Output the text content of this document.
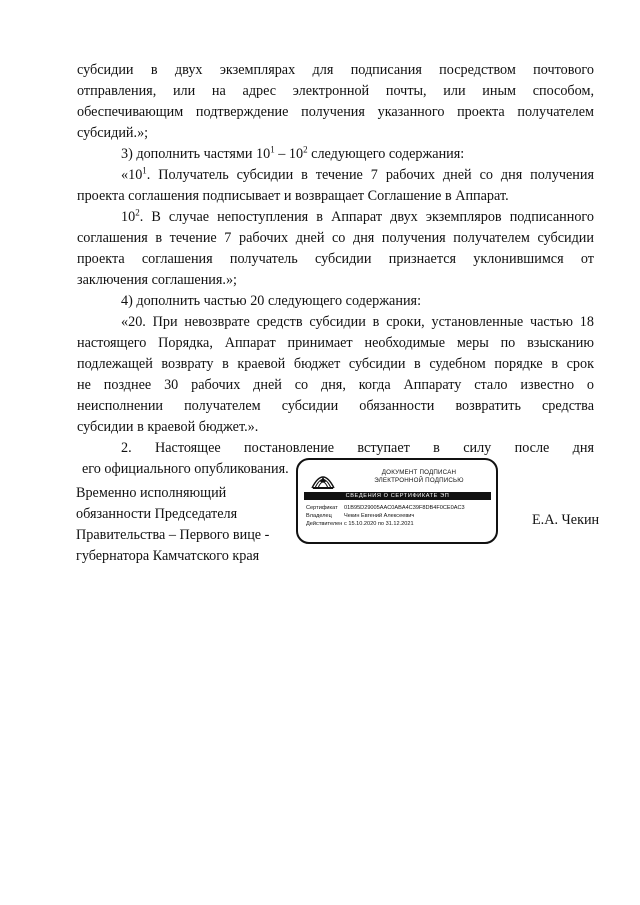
субсидии в двух экземплярах для подписания посредством почтового
отправления, или на адрес электронной почты, или иным способом,
обеспечивающим подтверждение получения указанного проекта получателем
субсидий.»;
3) дополнить частями $10^1 - 10^2$ следующего содержания:
«$10^1$. Получатель субсидии в течение 7 рабочих дней со дня получения
проекта соглашения подписывает и возвращает Соглашение в Аппарат.
$10^2$. В случае непоступления в Аппарат двух экземпляров подписанного
соглашения в течение 7 рабочих дней со дня получения получателем субсидии
проекта соглашения получатель субсидии признается уклонившимся от
заключения соглашения.»;
4) дополнить частью 20 следующего содержания:
«20. При невозврате средств субсидии в сроки, установленные частью 18
настоящего Порядка, Аппарат принимает необходимые меры по взысканию
подлежащей возврату в краевой бюджет субсидии в судебном порядке в срок
не позднее 30 рабочих дней со дня, когда Аппарату стало известно о
неисполнении получателем субсидии обязанности возвратить средства
субсидии в краевой бюджет.».
2. Настоящее постановление вступает в силу после дня
его официального опубликования.
Временно исполняющий
обязанности Председателя
Правительства – Первого вице -
губернатора Камчатского края
ДОКУМЕНТ ПОДПИСАН
ЭЛЕКТРОННОЙ ПОДПИСЬЮ
СВЕДЕНИЯ О СЕРТИФИКАТЕ ЭП
Сертификат	01B95D29005AAC0ABA4C39F8DB4F0CE0AC3
Владелец	Чекин Евгений Алексеевич
Действителен с 15.10.2020 по 31.12.2021	Е.А. Чекин
